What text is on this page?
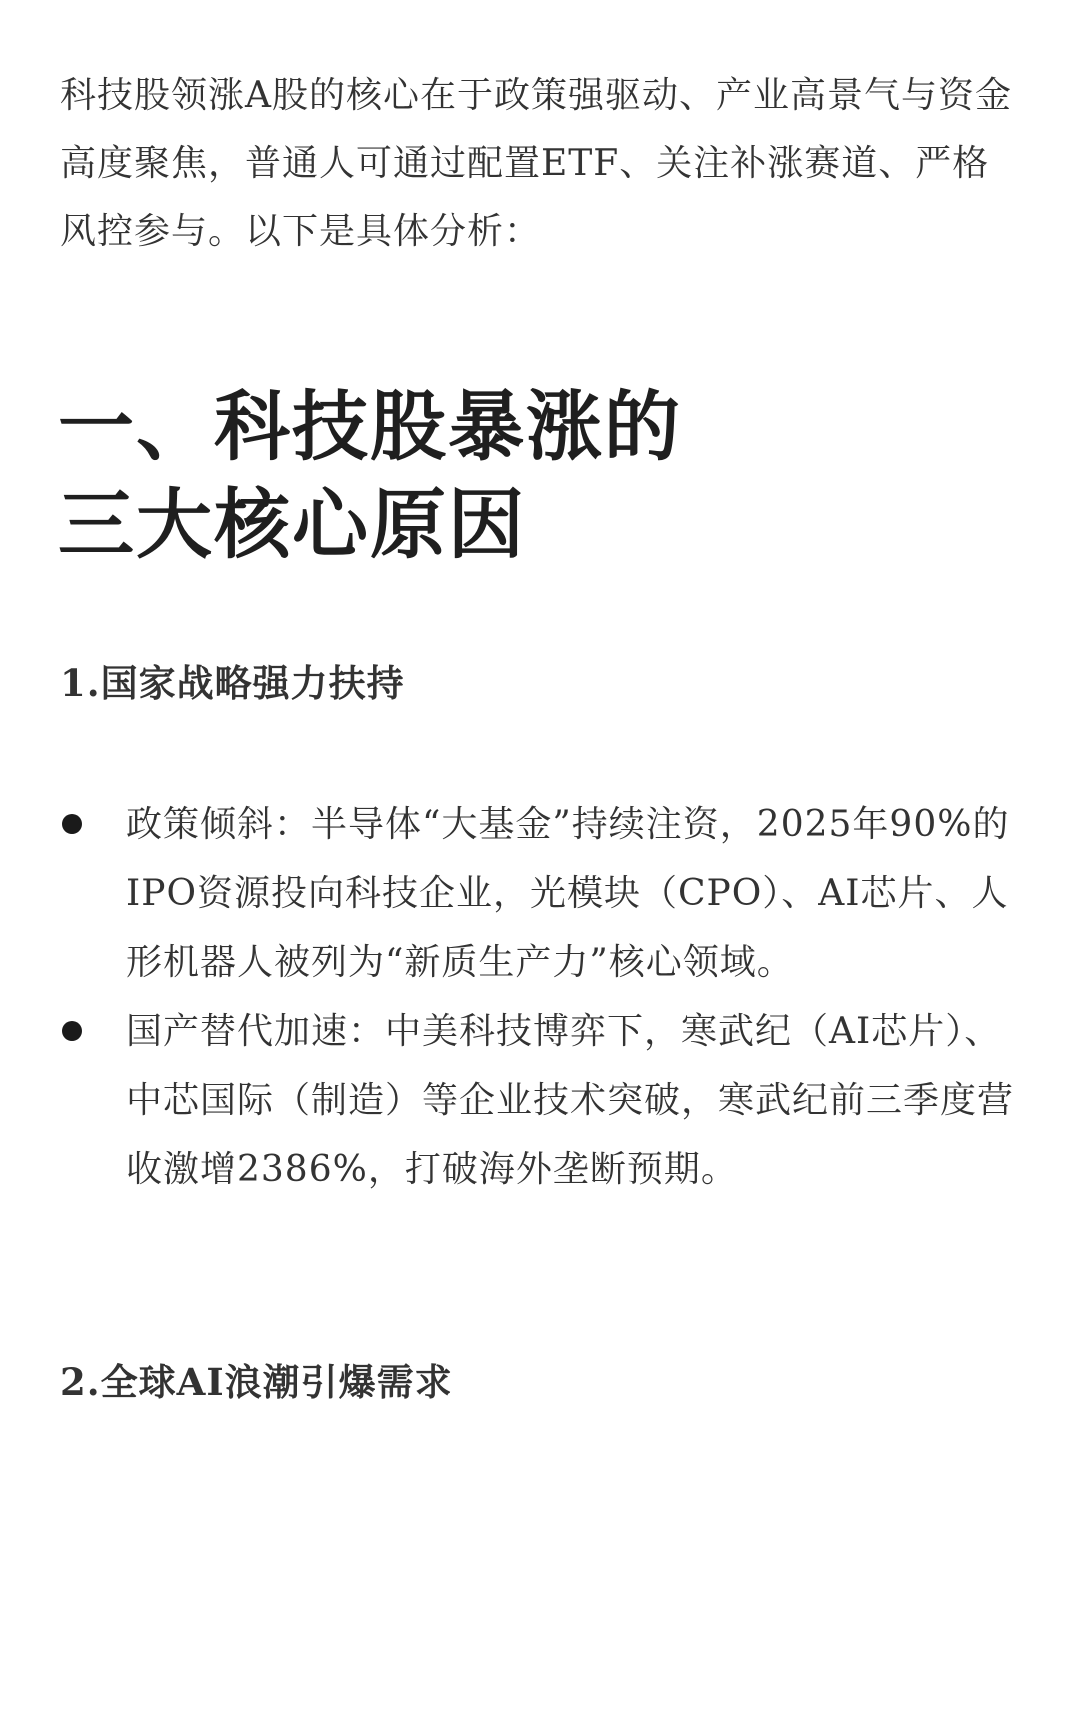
科技股领涨A股的核心在于政策强驱动、产业高景气与资金高度聚焦，普通人可通过配置ETF、关注补涨赛道、严格风控参与。以下是具体分析：

一、科技股暴涨的
三大核心原因
1.国家战略强力扶持
政策倾斜：半导体“大基金”持续注资，2025年90%的IPO资源投向科技企业，光模块（CPO）、AI芯片、人形机器人被列为“新质生产力”核心领域。
国产替代加速：中美科技博弈下，寒武纪（AI芯片）、中芯国际（制造）等企业技术突破，寒武纪前三季度营收激增2386%，打破海外垄断预期。
2.全球AI浪潮引爆需求
